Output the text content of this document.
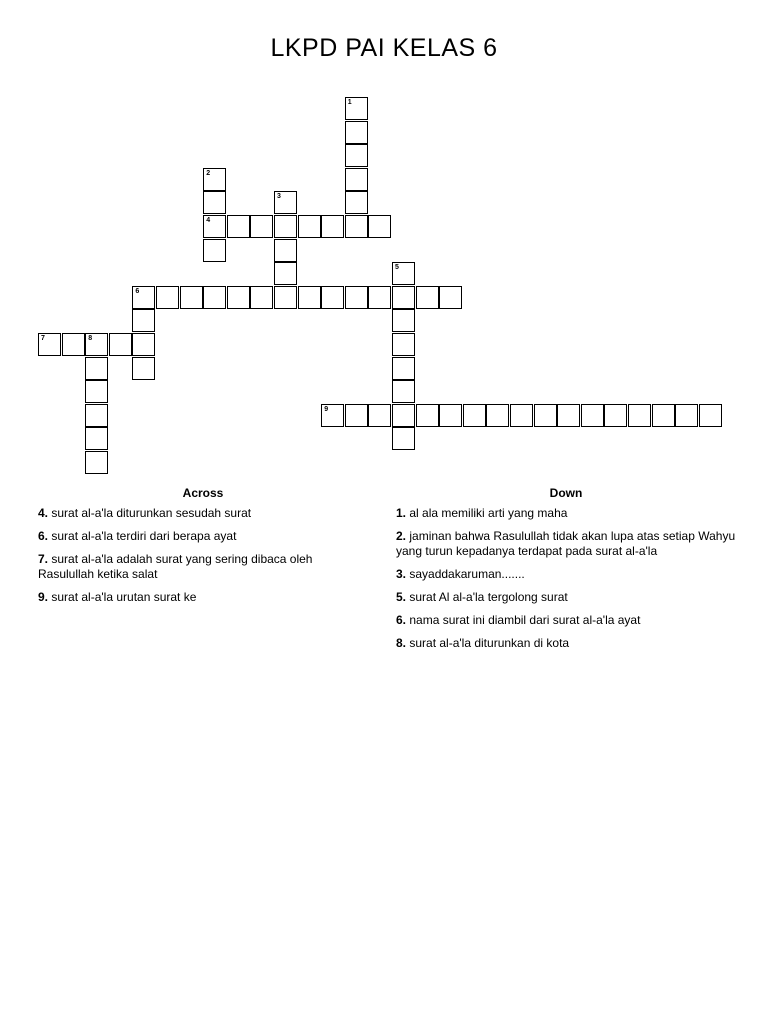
LKPD PAI KELAS 6
1
2
4
3
5
6
7	8
9
Across
4. surat al-a'la diturunkan sesudah surat
6. surat al-a'la terdiri dari berapa ayat
7. surat al-a'la adalah surat yang sering dibaca oleh Rasulullah ketika salat
9. surat al-a'la urutan surat ke
Down
1. al ala memiliki arti yang maha
2. jaminan bahwa Rasulullah tidak akan lupa atas setiap Wahyu yang turun kepadanya terdapat pada surat al-a'la
3. sayaddakaruman.......
5. surat Al al-a'la tergolong surat
6. nama surat ini diambil dari surat al-a'la ayat
8. surat al-a'la diturunkan di kota
